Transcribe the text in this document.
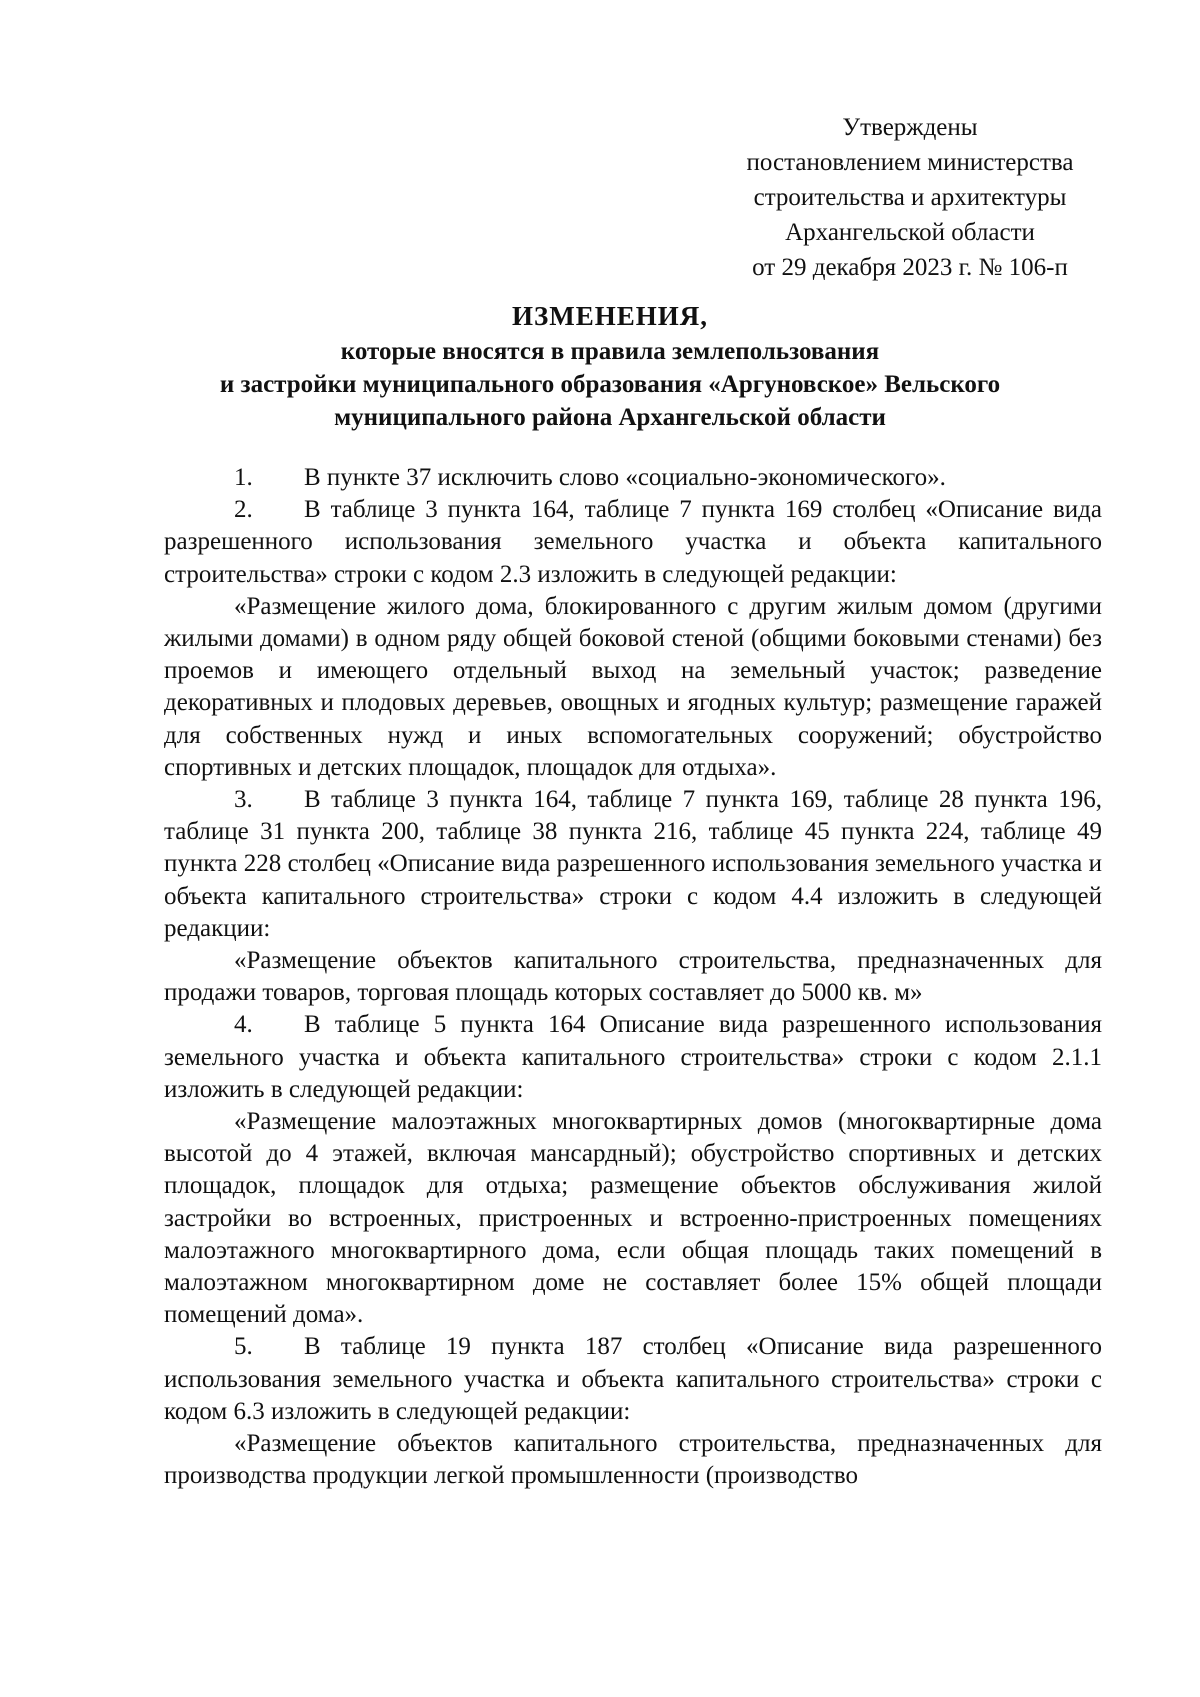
Утверждены
постановлением министерства
строительства и архитектуры
Архангельской области
от 29 декабря 2023 г. № 106-п
ИЗМЕНЕНИЯ,
которые вносятся в правила землепользования
и застройки муниципального образования «Аргуновское» Вельского
муниципального района Архангельской области

1. В пункте 37 исключить слово «социально-экономического».

2. В таблице 3 пункта 164, таблице 7 пункта 169 столбец «Описание вида разрешенного использования земельного участка и объекта капитального строительства» строки с кодом 2.3 изложить в следующей редакции:

«Размещение жилого дома, блокированного с другим жилым домом (другими жилыми домами) в одном ряду общей боковой стеной (общими боковыми стенами) без проемов и имеющего отдельный выход на земельный участок; разведение декоративных и плодовых деревьев, овощных и ягодных культур; размещение гаражей для собственных нужд и иных вспомогательных сооружений; обустройство спортивных и детских площадок, площадок для отдыха».

3. В таблице 3 пункта 164, таблице 7 пункта 169, таблице 28 пункта 196, таблице 31 пункта 200, таблице 38 пункта 216, таблице 45 пункта 224, таблице 49 пункта 228 столбец «Описание вида разрешенного использования земельного участка и объекта капитального строительства» строки с кодом 4.4 изложить в следующей редакции:

«Размещение объектов капитального строительства, предназначенных для продажи товаров, торговая площадь которых составляет до 5000 кв. м»

4. В таблице 5 пункта 164 Описание вида разрешенного использования земельного участка и объекта капитального строительства» строки с кодом 2.1.1 изложить в следующей редакции:

«Размещение малоэтажных многоквартирных домов (многоквартирные дома высотой до 4 этажей, включая мансардный); обустройство спортивных и детских площадок, площадок для отдыха; размещение объектов обслуживания жилой застройки во встроенных, пристроенных и встроенно-пристроенных помещениях малоэтажного многоквартирного дома, если общая площадь таких помещений в малоэтажном многоквартирном доме не составляет более 15% общей площади помещений дома».

5. В таблице 19 пункта 187 столбец «Описание вида разрешенного использования земельного участка и объекта капитального строительства» строки с кодом 6.3 изложить в следующей редакции:

«Размещение объектов капитального строительства, предназначенных для производства продукции легкой промышленности (производство
